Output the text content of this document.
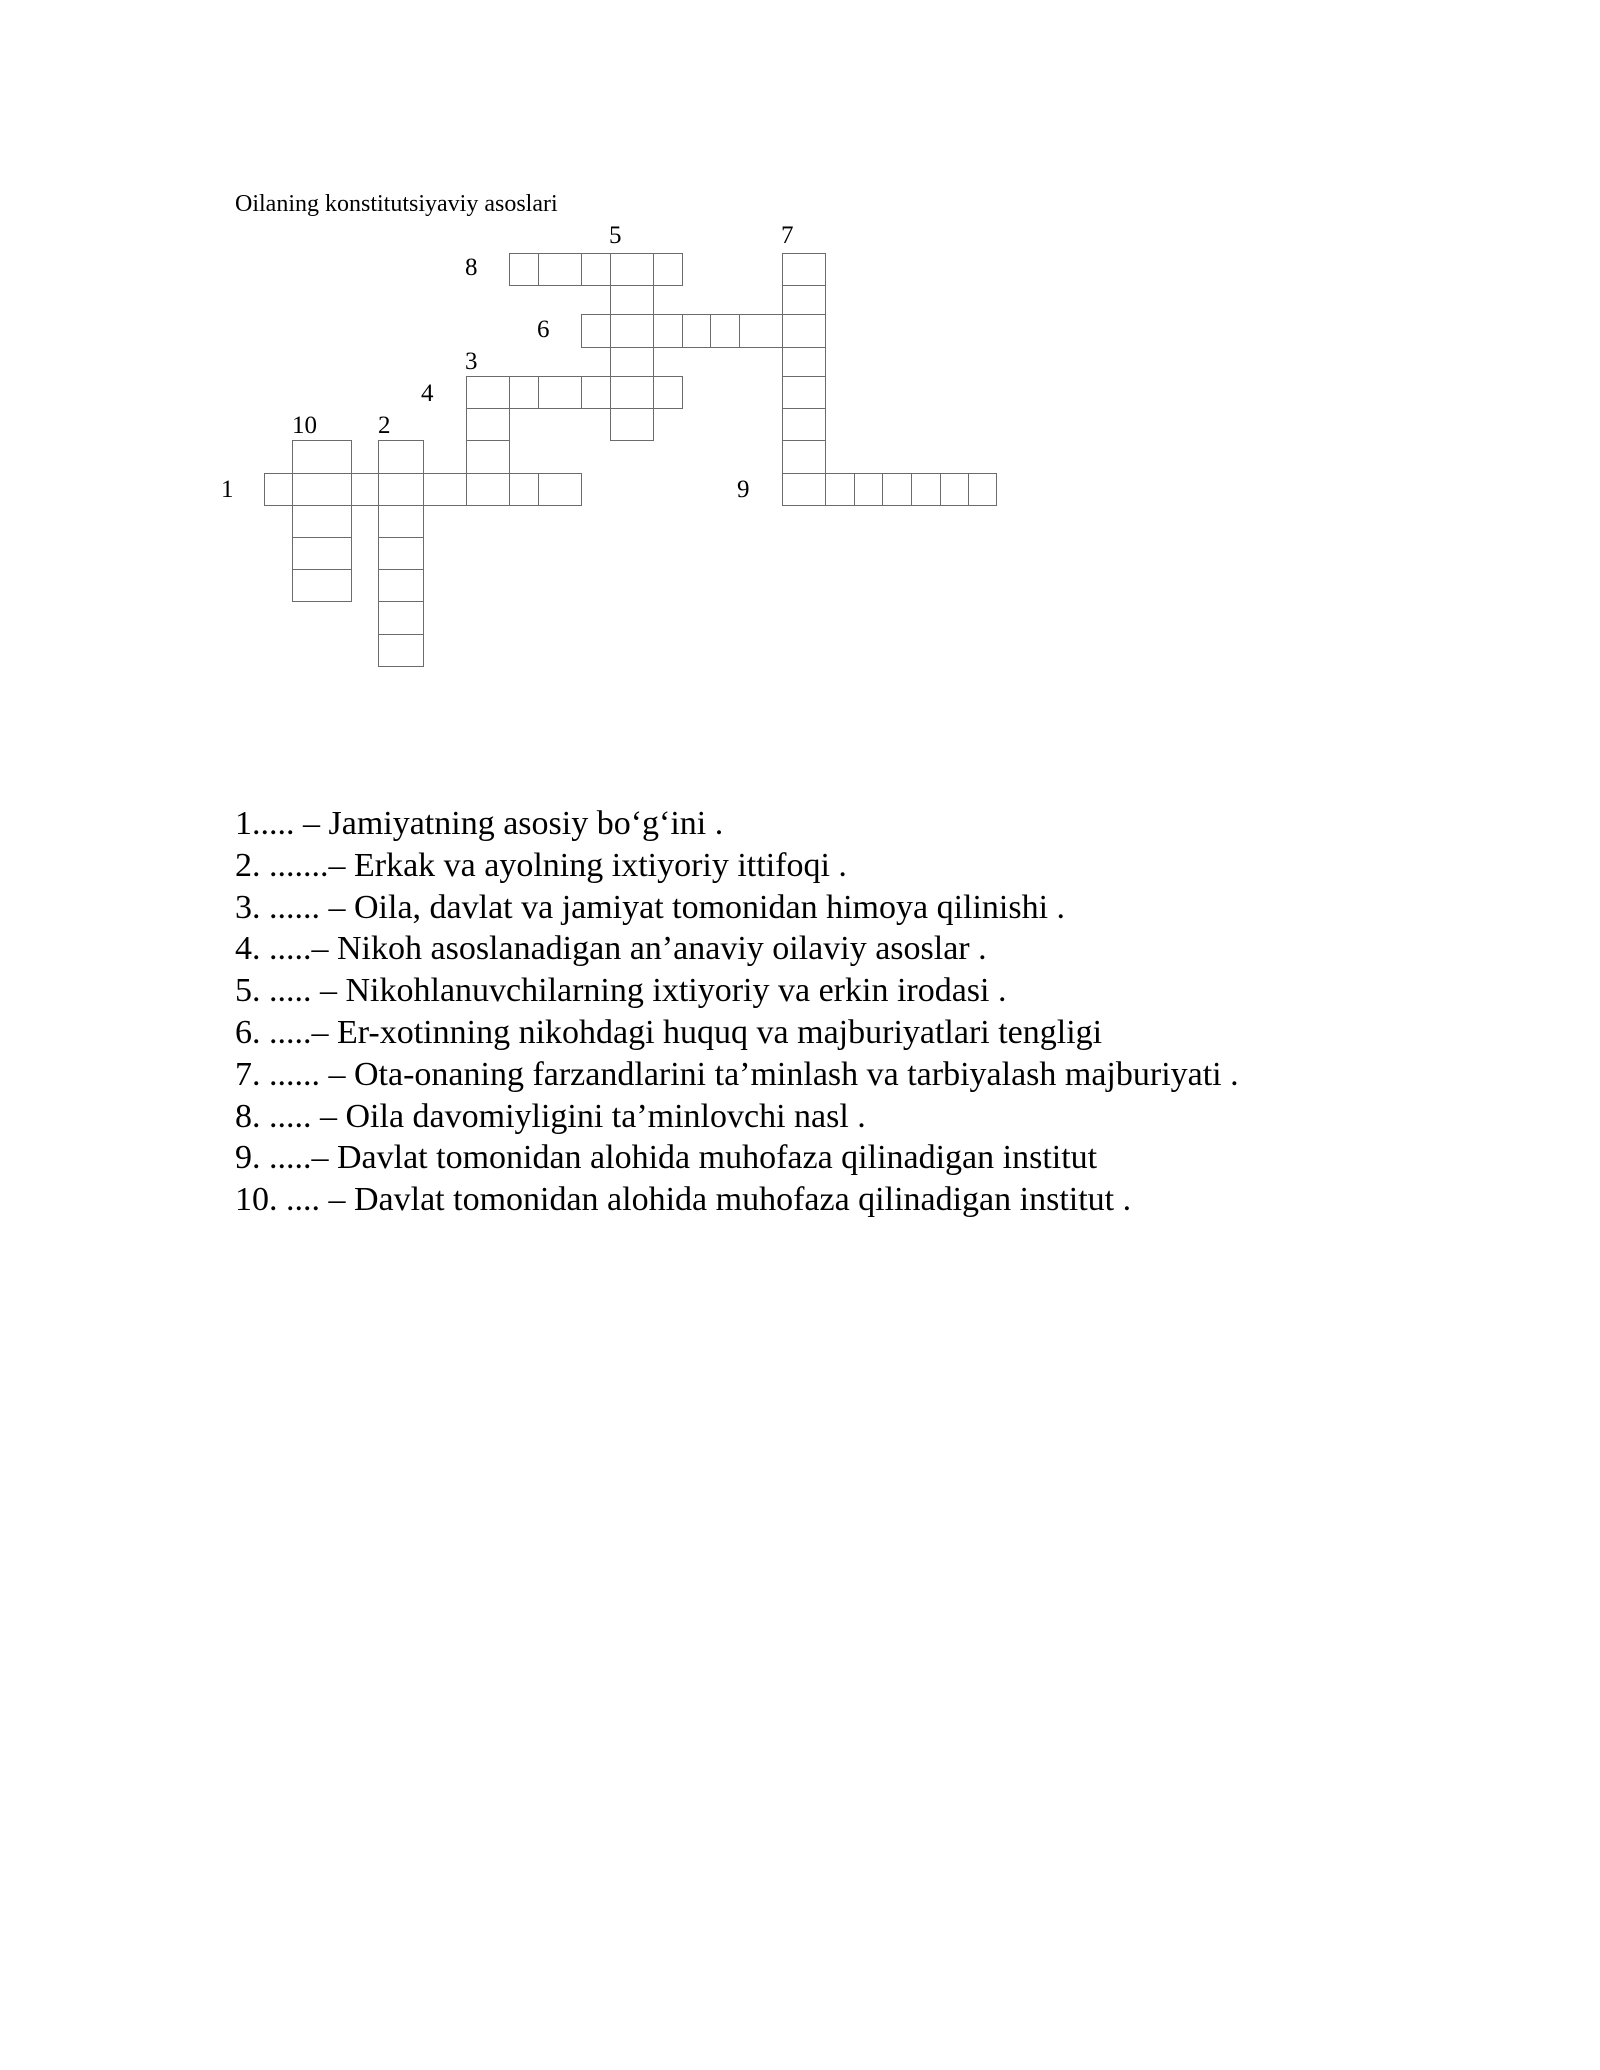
Oilaning konstitutsiyaviy asoslari
1
2
3
4
5
6
7
8
9
10
1..... – Jamiyatning asosiy bo‘g‘ini .
2. .......– Erkak va ayolning ixtiyoriy ittifoqi .
3. ...... – Oila, davlat va jamiyat tomonidan himoya qilinishi .
4. .....– Nikoh asoslanadigan an’anaviy oilaviy asoslar .
5. ..... – Nikohlanuvchilarning ixtiyoriy va erkin irodasi .
6. .....– Er-xotinning nikohdagi huquq va majburiyatlari tengligi
7. ...... – Ota-onaning farzandlarini ta’minlash va tarbiyalash majburiyati .
8. ..... – Oila davomiyligini ta’minlovchi nasl .
9. .....– Davlat tomonidan alohida muhofaza qilinadigan institut
10. .... – Davlat tomonidan alohida muhofaza qilinadigan institut .
